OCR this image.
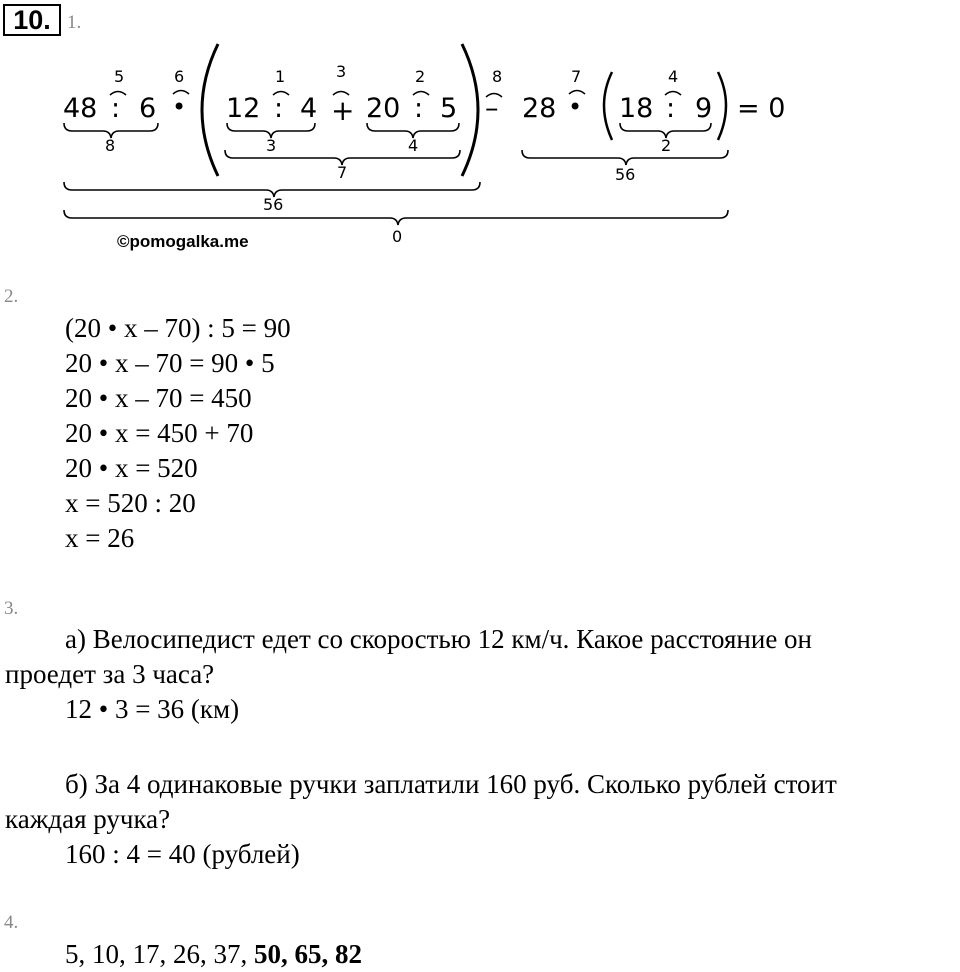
10. 1.
48 : 6 • 12 : 4 + 20 : 5 – 28 • 18 : 9 = 0
5	6	1	3	2	8	7	4
8	3	4
7
2
56
56
0
©pomogalka.me
2.
(20 • x – 70) : 5 = 90
20 • x – 70 = 90 • 5
20 • x – 70 = 450
20 • x = 450 + 70
20 • x = 520
x = 520 : 20
x = 26
3.
а) Велосипедист едет со скоростью 12 км/ч. Какое расстояние он
проедет за 3 часа?
12 • 3 = 36 (км)
б) За 4 одинаковые ручки заплатили 160 руб. Сколько рублей стоит
каждая ручка?
160 : 4 = 40 (рублей)
4.
5, 10, 17, 26, 37, 50, 65, 82
